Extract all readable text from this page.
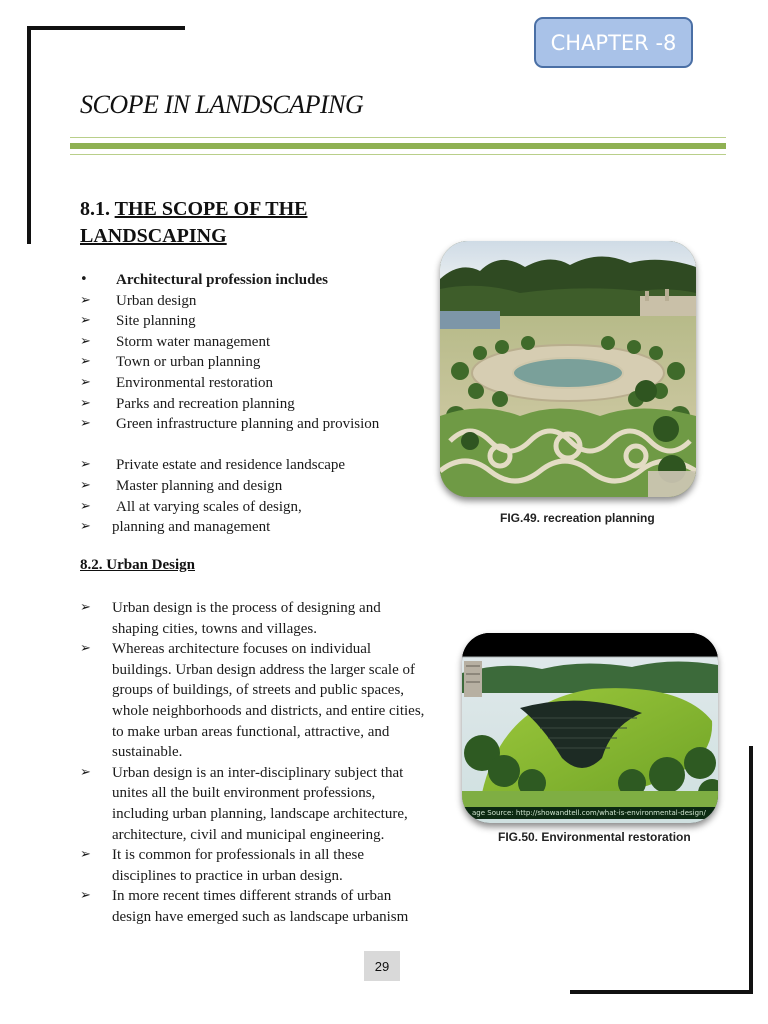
CHAPTER -8
SCOPE IN LANDSCAPING
8.1. THE SCOPE OF THE
LANDSCAPING
•	Architectural profession includes
➢	Urban design
➢	Site planning
➢	Storm water management
➢	Town or urban planning
➢	Environmental restoration
➢	Parks and recreation planning
➢	Green infrastructure planning and provision
➢	Private estate and residence landscape
➢	Master planning and design
➢	All at varying scales of design,
➢	planning and management
8.2. Urban Design
➢	Urban design is the process of designing and shaping cities, towns and villages.
➢	Whereas architecture focuses on individual buildings. Urban design address the larger scale of groups of buildings, of streets and public spaces, whole neighborhoods and districts, and entire cities, to make urban areas functional, attractive, and sustainable.
➢	Urban design is an inter-disciplinary subject that unites all the built environment professions, including urban planning, landscape architecture, architecture, civil and municipal engineering.
➢	It is common for professionals in all these disciplines to practice in urban design.
➢	In more recent times different strands of urban design have emerged such as landscape urbanism
FIG.49. recreation planning
age Source: http://showandtell.com/what-is-environmental-design/
FIG.50. Environmental restoration
29
